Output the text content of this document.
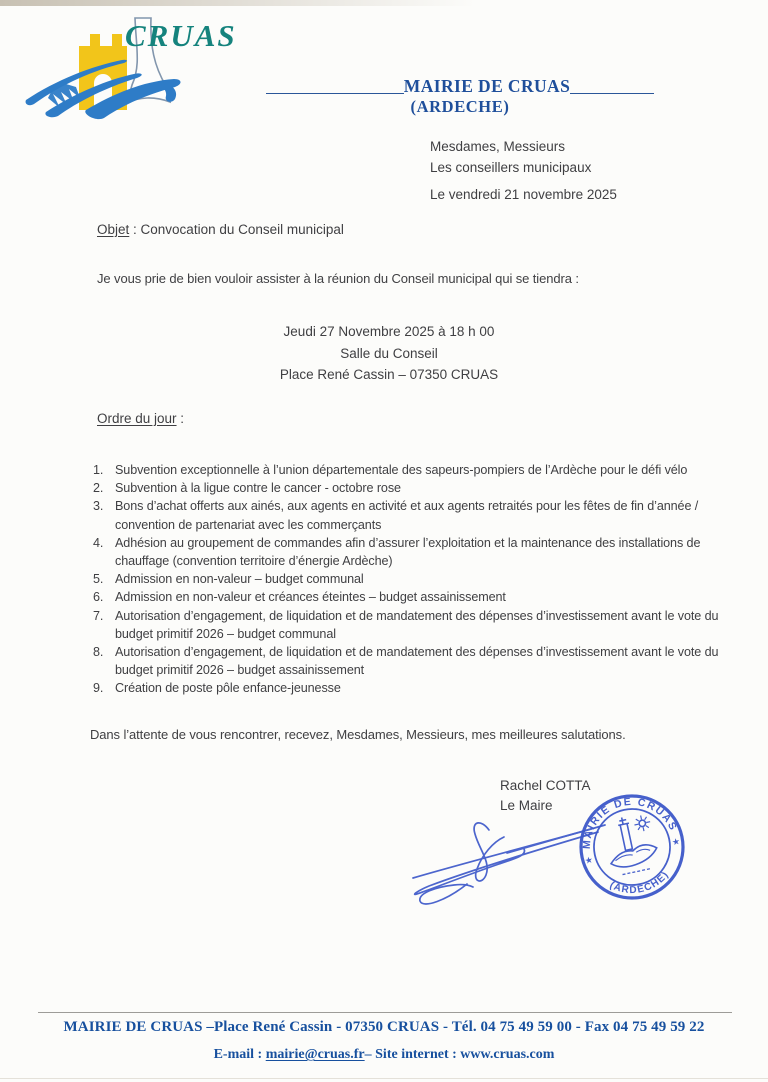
CRUAS
MAIRIE DE CRUAS
(ARDECHE)
Mesdames, Messieurs
Les conseillers municipaux
Le vendredi 21 novembre 2025
Objet : Convocation du Conseil municipal

Je vous prie de bien vouloir assister à la réunion du Conseil municipal qui se tiendra :

Jeudi 27 Novembre 2025 à 18 h 00
Salle du Conseil
Place René Cassin – 07350 CRUAS
Ordre du jour :
1. Subvention exceptionnelle à l’union départementale des sapeurs-pompiers de l’Ardèche pour le défi vélo
2. Subvention à la ligue contre le cancer - octobre rose
3. Bons d’achat offerts aux ainés, aux agents en activité et aux agents retraités pour les fêtes de fin d’année / convention de partenariat avec les commerçants
4. Adhésion au groupement de commandes afin d’assurer l’exploitation et la maintenance des installations de chauffage (convention territoire d’énergie Ardèche)
5. Admission en non-valeur – budget communal
6. Admission en non-valeur et créances éteintes – budget assainissement
7. Autorisation d’engagement, de liquidation et de mandatement des dépenses d’investissement avant le vote du budget primitif 2026 – budget communal
8. Autorisation d’engagement, de liquidation et de mandatement des dépenses d’investissement avant le vote du budget primitif 2026 – budget assainissement
9. Création de poste pôle enfance-jeunesse

Dans l’attente de vous rencontrer, recevez, Mesdames, Messieurs, mes meilleures salutations.

Rachel COTTA
Le Maire
MAIRIE DE CRUAS
(ARDÈCHE)
★
★
MAIRIE DE CRUAS –Place René Cassin - 07350 CRUAS - Tél. 04 75 49 59 00 - Fax 04 75 49 59 22
E-mail : mairie@cruas.fr– Site internet : www.cruas.com
